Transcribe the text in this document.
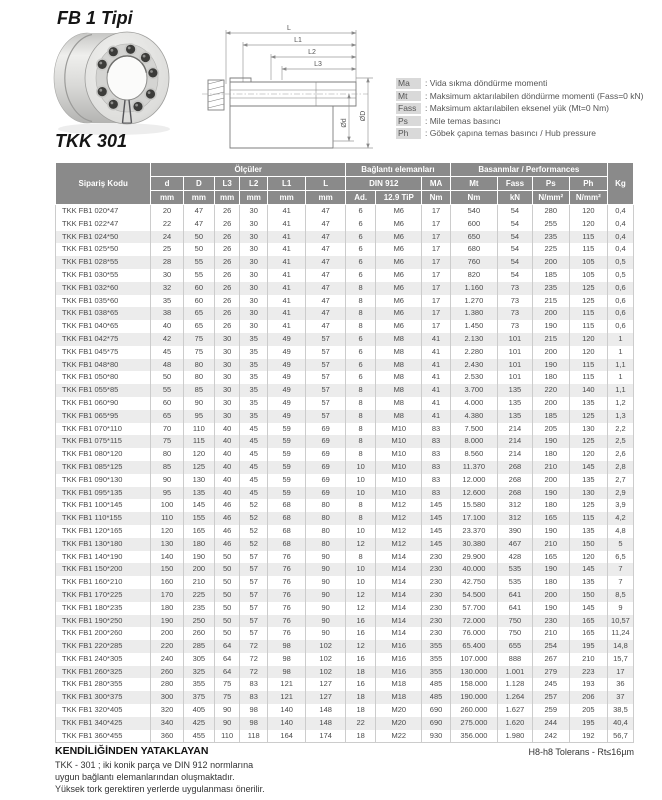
FB 1 Tipi
TKK 301
L
L1
L2
L3
Ød
ØD
Ma	: Vida sıkma döndürme momenti
Mt	: Maksimum aktarılabilen döndürme momenti (Fass=0 kN)
Fass	: Maksimum aktarılabilen eksenel yük (Mt=0 Nm)
Ps	: Mile temas basıncı
Ph	: Göbek çapına temas basıncı / Hub pressure
Sipariş Kodu	Ölçüler						Bağlantı elemanları			Basanmlar / Performances				Kg
	d	D	L3	L2	L1	L	DIN 912		MA	Mt	Fass	Ps	Ph	
	mm	mm	mm	mm	mm	mm	Ad.	12.9 TiP	Nm	Nm	kN	N/mm²	N/mm²	
TKK FB1 020*47	20	47	26	30	41	47	6	M6	17	540	54	280	120	0,4
TKK FB1 022*47	22	47	26	30	41	47	6	M6	17	600	54	255	120	0,4
TKK FB1 024*50	24	50	26	30	41	47	6	M6	17	650	54	235	115	0,4
TKK FB1 025*50	25	50	26	30	41	47	6	M6	17	680	54	225	115	0,4
TKK FB1 028*55	28	55	26	30	41	47	6	M6	17	760	54	200	105	0,5
TKK FB1 030*55	30	55	26	30	41	47	6	M6	17	820	54	185	105	0,5
TKK FB1 032*60	32	60	26	30	41	47	8	M6	17	1.160	73	235	125	0,6
TKK FB1 035*60	35	60	26	30	41	47	8	M6	17	1.270	73	215	125	0,6
TKK FB1 038*65	38	65	26	30	41	47	8	M6	17	1.380	73	200	115	0,6
TKK FB1 040*65	40	65	26	30	41	47	8	M6	17	1.450	73	190	115	0,6
TKK FB1 042*75	42	75	30	35	49	57	6	M8	41	2.130	101	215	120	1
TKK FB1 045*75	45	75	30	35	49	57	6	M8	41	2.280	101	200	120	1
TKK FB1 048*80	48	80	30	35	49	57	6	M8	41	2.430	101	190	115	1,1
TKK FB1 050*80	50	80	30	35	49	57	6	M8	41	2.530	101	180	115	1
TKK FB1 055*85	55	85	30	35	49	57	8	M8	41	3.700	135	220	140	1,1
TKK FB1 060*90	60	90	30	35	49	57	8	M8	41	4.000	135	200	135	1,2
TKK FB1 065*95	65	95	30	35	49	57	8	M8	41	4.380	135	185	125	1,3
TKK FB1 070*110	70	110	40	45	59	69	8	M10	83	7.500	214	205	130	2,2
TKK FB1 075*115	75	115	40	45	59	69	8	M10	83	8.000	214	190	125	2,5
TKK FB1 080*120	80	120	40	45	59	69	8	M10	83	8.560	214	180	120	2,6
TKK FB1 085*125	85	125	40	45	59	69	10	M10	83	11.370	268	210	145	2,8
TKK FB1 090*130	90	130	40	45	59	69	10	M10	83	12.000	268	200	135	2,7
TKK FB1 095*135	95	135	40	45	59	69	10	M10	83	12.600	268	190	130	2,9
TKK FB1 100*145	100	145	46	52	68	80	8	M12	145	15.580	312	180	125	3,9
TKK FB1 110*155	110	155	46	52	68	80	8	M12	145	17.100	312	165	115	4,2
TKK FB1 120*165	120	165	46	52	68	80	10	M12	145	23.370	390	190	135	4,8
TKK FB1 130*180	130	180	46	52	68	80	12	M12	145	30.380	467	210	150	5
TKK FB1 140*190	140	190	50	57	76	90	8	M14	230	29.900	428	165	120	6,5
TKK FB1 150*200	150	200	50	57	76	90	10	M14	230	40.000	535	190	145	7
TKK FB1 160*210	160	210	50	57	76	90	10	M14	230	42.750	535	180	135	7
TKK FB1 170*225	170	225	50	57	76	90	12	M14	230	54.500	641	200	150	8,5
TKK FB1 180*235	180	235	50	57	76	90	12	M14	230	57.700	641	190	145	9
TKK FB1 190*250	190	250	50	57	76	90	16	M14	230	72.000	750	230	165	10,57
TKK FB1 200*260	200	260	50	57	76	90	16	M14	230	76.000	750	210	165	11,24
TKK FB1 220*285	220	285	64	72	98	102	12	M16	355	65.400	655	254	195	14,8
TKK FB1 240*305	240	305	64	72	98	102	16	M16	355	107.000	888	267	210	15,7
TKK FB1 260*325	260	325	64	72	98	102	18	M16	355	130.000	1.001	279	223	17
TKK FB1 280*355	280	355	75	83	121	127	16	M18	485	158.000	1.128	245	193	36
TKK FB1 300*375	300	375	75	83	121	127	18	M18	485	190.000	1.264	257	206	37
TKK FB1 320*405	320	405	90	98	140	148	18	M20	690	260.000	1.627	259	205	38,5
TKK FB1 340*425	340	425	90	98	140	148	22	M20	690	275.000	1.620	244	195	40,4
TKK FB1 360*455	360	455	110	118	164	174	18	M22	930	356.000	1.980	242	192	56,7
KENDİLİĞİNDEN YATAKLAYAN
TKK - 301 ; iki konik parça ve DIN 912 normlarına
uygun bağlantı elemanlarından oluşmaktadır.
Yüksek tork gerektiren yerlerde uygulanması önerilir.
H8-h8 Tolerans - Rt≤16µm
